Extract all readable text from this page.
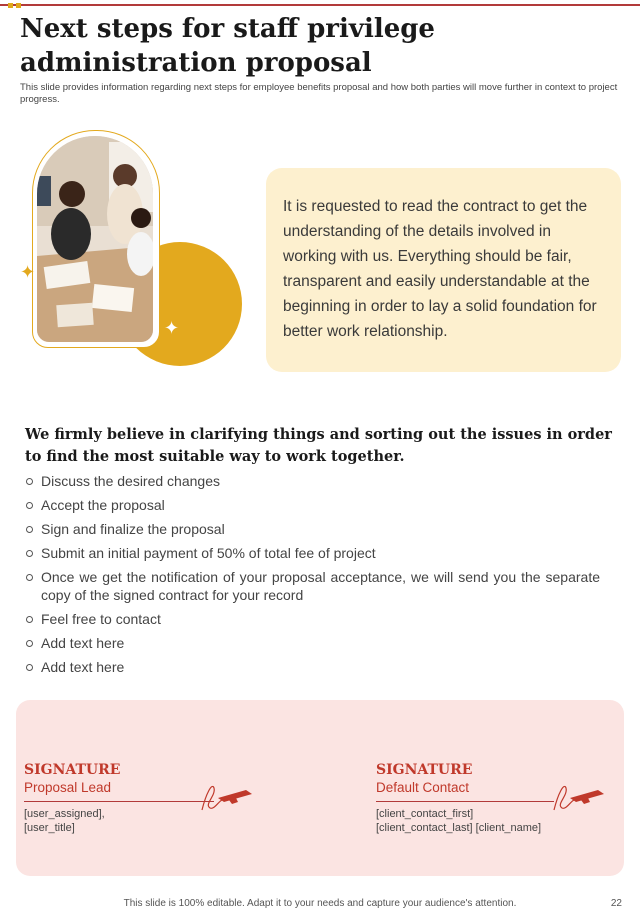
Next steps for staff privilege administration proposal
This slide provides information regarding next steps for employee benefits proposal and how both parties will move further in context to project progress.
✦
✦

It is requested to read the contract to get the understanding of the details involved in working with us. Everything should be fair, transparent and easily understandable at the beginning in order to lay a solid foundation for better work relationship.

We firmly believe in clarifying things and sorting out the issues in order to find the most suitable way to work together.

Discuss the desired changes
Accept the proposal
Sign and finalize the proposal
Submit an initial payment of 50% of total fee of project
Once we get the notification of your proposal acceptance, we will send you the separate copy of the signed contract for your record
Feel free to contact
Add text here
Add text here

SIGNATURE

Proposal Lead

[user_assigned],
[user_title]

SIGNATURE

Default Contact

[client_contact_first]
[client_contact_last] [client_name]
This slide is 100% editable. Adapt it to your needs and capture your audience's attention.	22
